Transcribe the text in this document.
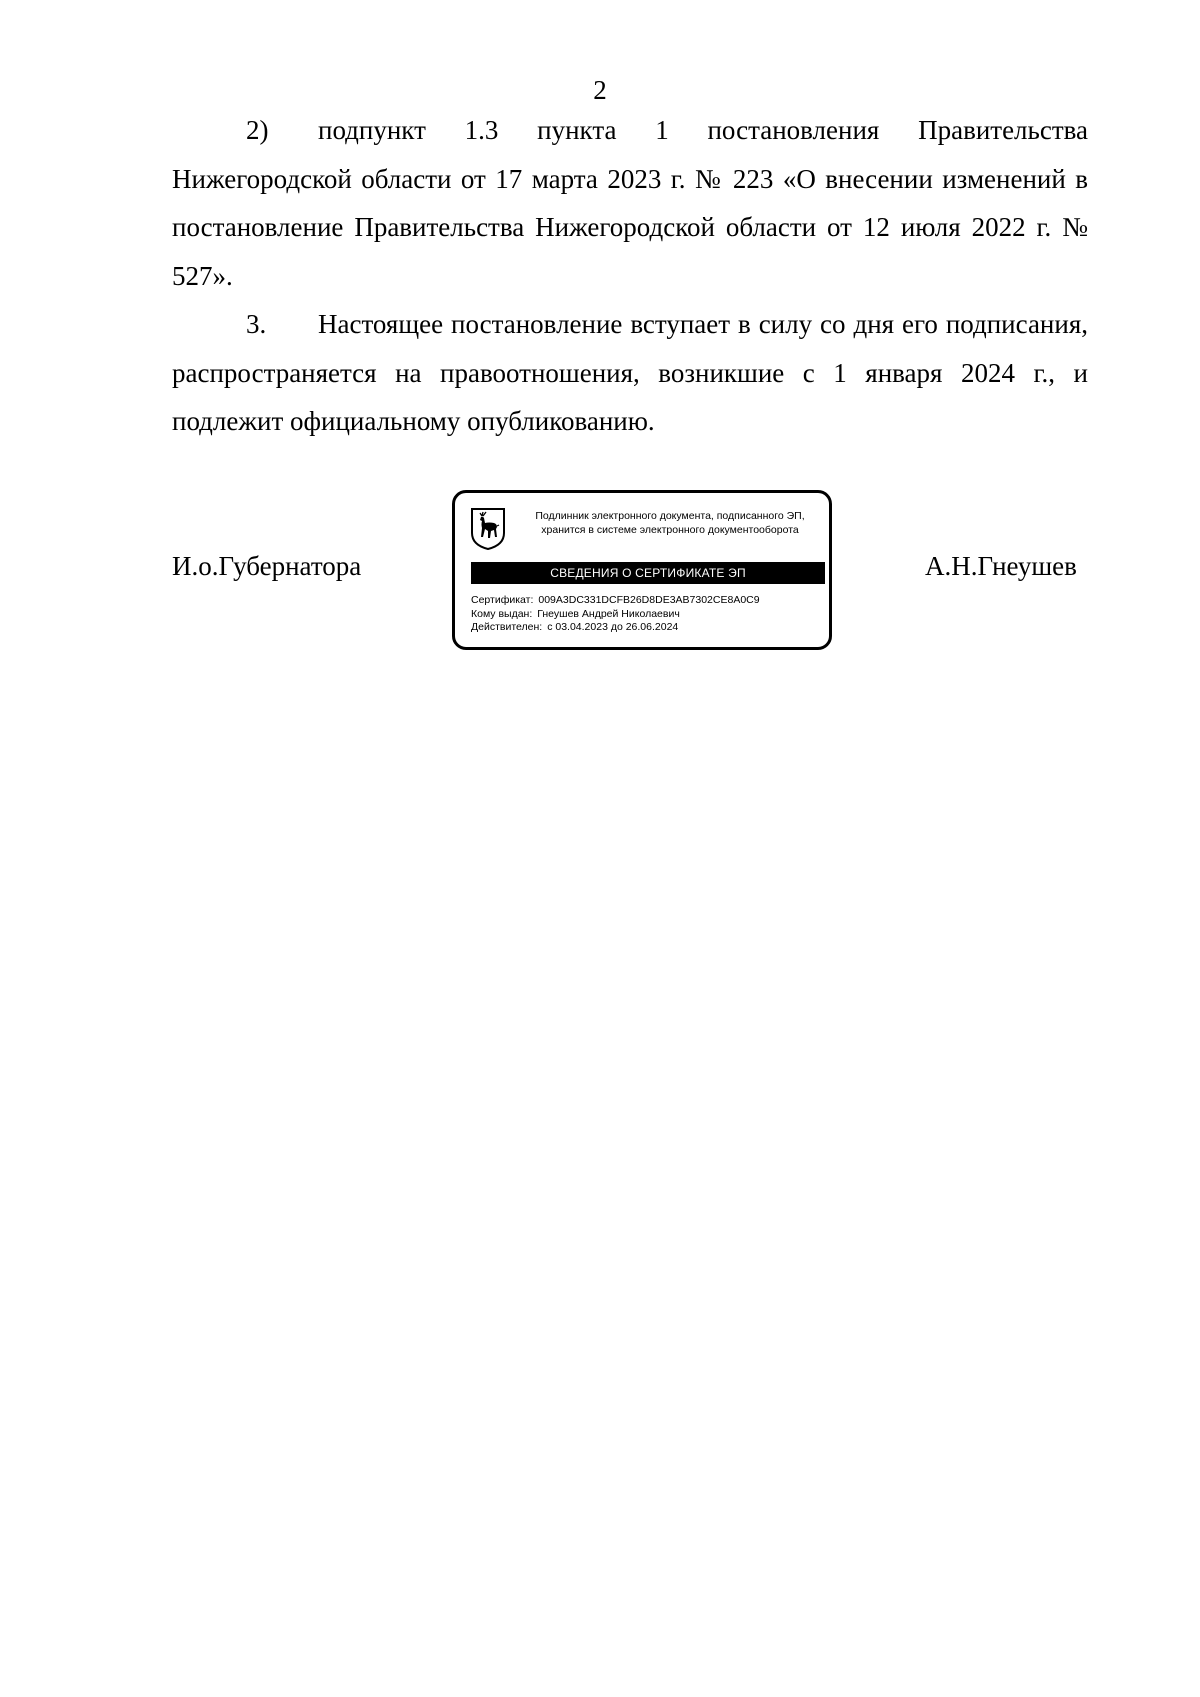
2

2) подпункт 1.3 пункта 1 постановления Правительства Нижегородской области от 17 марта 2023 г. № 223 «О внесении изменений в постановление Правительства Нижегородской области от 12 июля 2022 г. № 527».

3. Настоящее постановление вступает в силу со дня его подписания, распространяется на правоотношения, возникшие с 1 января 2024 г., и подлежит официальному опубликованию.

И.о.Губернатора	А.Н.Гнеушев
Подлинник электронного документа, подписанного ЭП,
хранится в системе электронного документооборота
СВЕДЕНИЯ О СЕРТИФИКАТЕ ЭП
Сертификат: 009A3DC331DCFB26D8DE3AB7302CE8A0C9
Кому выдан: Гнеушев Андрей Николаевич
Действителен: с 03.04.2023 до 26.06.2024
